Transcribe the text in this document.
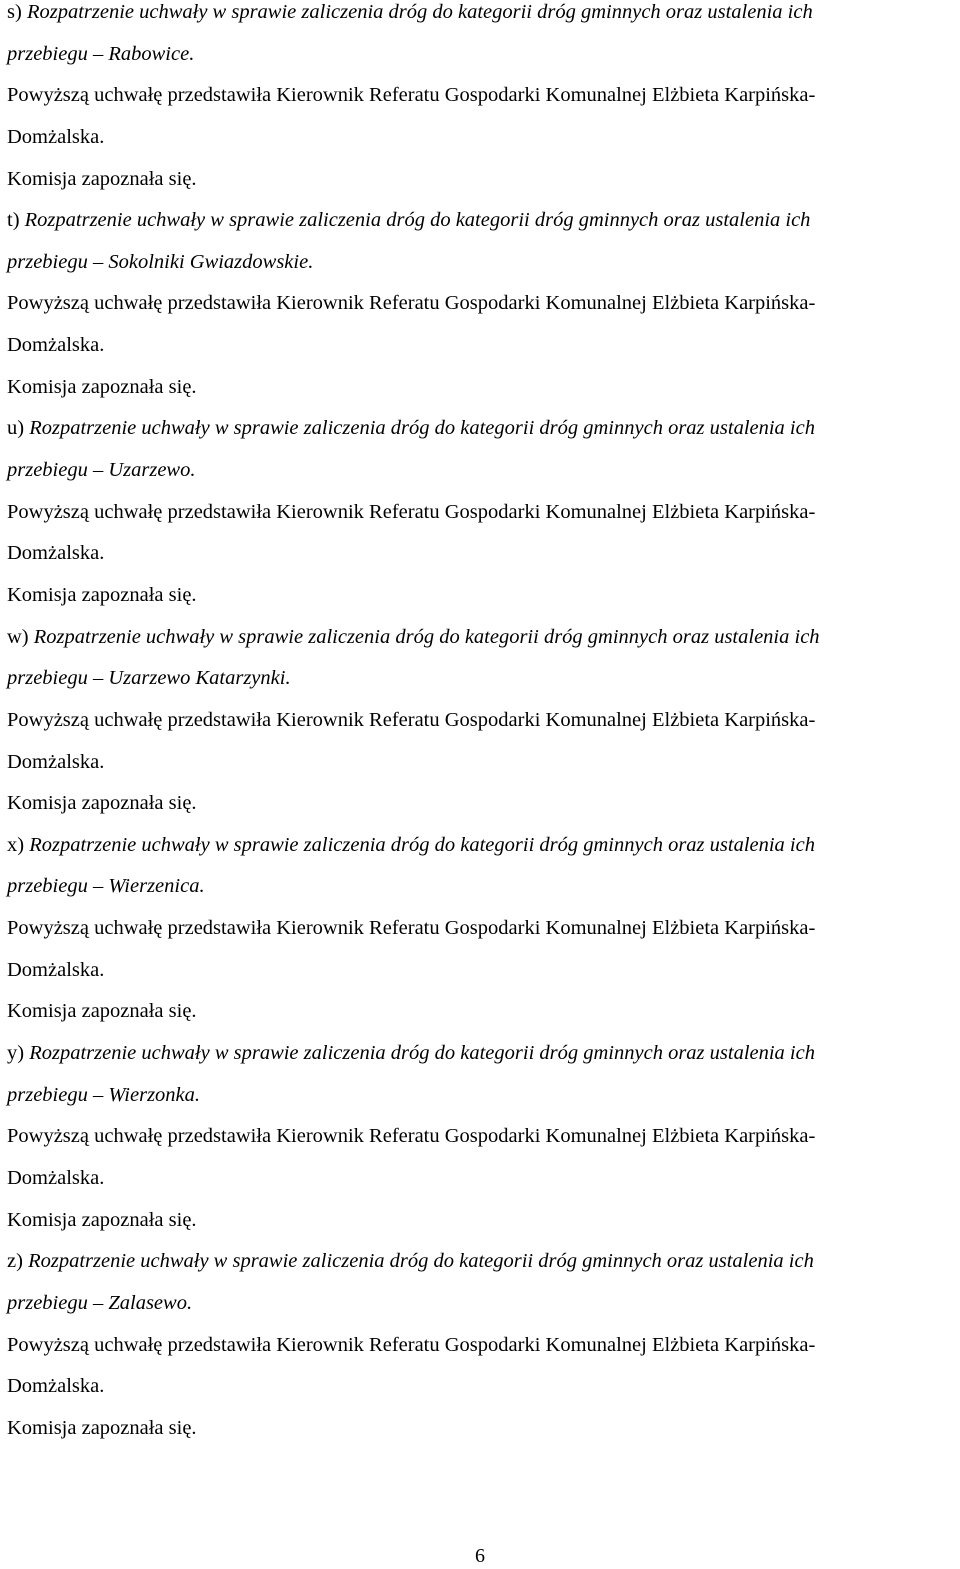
s) Rozpatrzenie uchwały w sprawie zaliczenia dróg do kategorii dróg gminnych oraz ustalenia ich
przebiegu – Rabowice.
Powyższą uchwałę przedstawiła Kierownik Referatu Gospodarki Komunalnej Elżbieta Karpińska-
Domżalska.
Komisja zapoznała się.
t) Rozpatrzenie uchwały w sprawie zaliczenia dróg do kategorii dróg gminnych oraz ustalenia ich
przebiegu – Sokolniki Gwiazdowskie.
Powyższą uchwałę przedstawiła Kierownik Referatu Gospodarki Komunalnej Elżbieta Karpińska-
Domżalska.
Komisja zapoznała się.
u) Rozpatrzenie uchwały w sprawie zaliczenia dróg do kategorii dróg gminnych oraz ustalenia ich
przebiegu – Uzarzewo.
Powyższą uchwałę przedstawiła Kierownik Referatu Gospodarki Komunalnej Elżbieta Karpińska-
Domżalska.
Komisja zapoznała się.
w) Rozpatrzenie uchwały w sprawie zaliczenia dróg do kategorii dróg gminnych oraz ustalenia ich
przebiegu – Uzarzewo Katarzynki.
Powyższą uchwałę przedstawiła Kierownik Referatu Gospodarki Komunalnej Elżbieta Karpińska-
Domżalska.
Komisja zapoznała się.
x) Rozpatrzenie uchwały w sprawie zaliczenia dróg do kategorii dróg gminnych oraz ustalenia ich
przebiegu – Wierzenica.
Powyższą uchwałę przedstawiła Kierownik Referatu Gospodarki Komunalnej Elżbieta Karpińska-
Domżalska.
Komisja zapoznała się.
y) Rozpatrzenie uchwały w sprawie zaliczenia dróg do kategorii dróg gminnych oraz ustalenia ich
przebiegu – Wierzonka.
Powyższą uchwałę przedstawiła Kierownik Referatu Gospodarki Komunalnej Elżbieta Karpińska-
Domżalska.
Komisja zapoznała się.
z) Rozpatrzenie uchwały w sprawie zaliczenia dróg do kategorii dróg gminnych oraz ustalenia ich
przebiegu – Zalasewo.
Powyższą uchwałę przedstawiła Kierownik Referatu Gospodarki Komunalnej Elżbieta Karpińska-
Domżalska.
Komisja zapoznała się.
6
